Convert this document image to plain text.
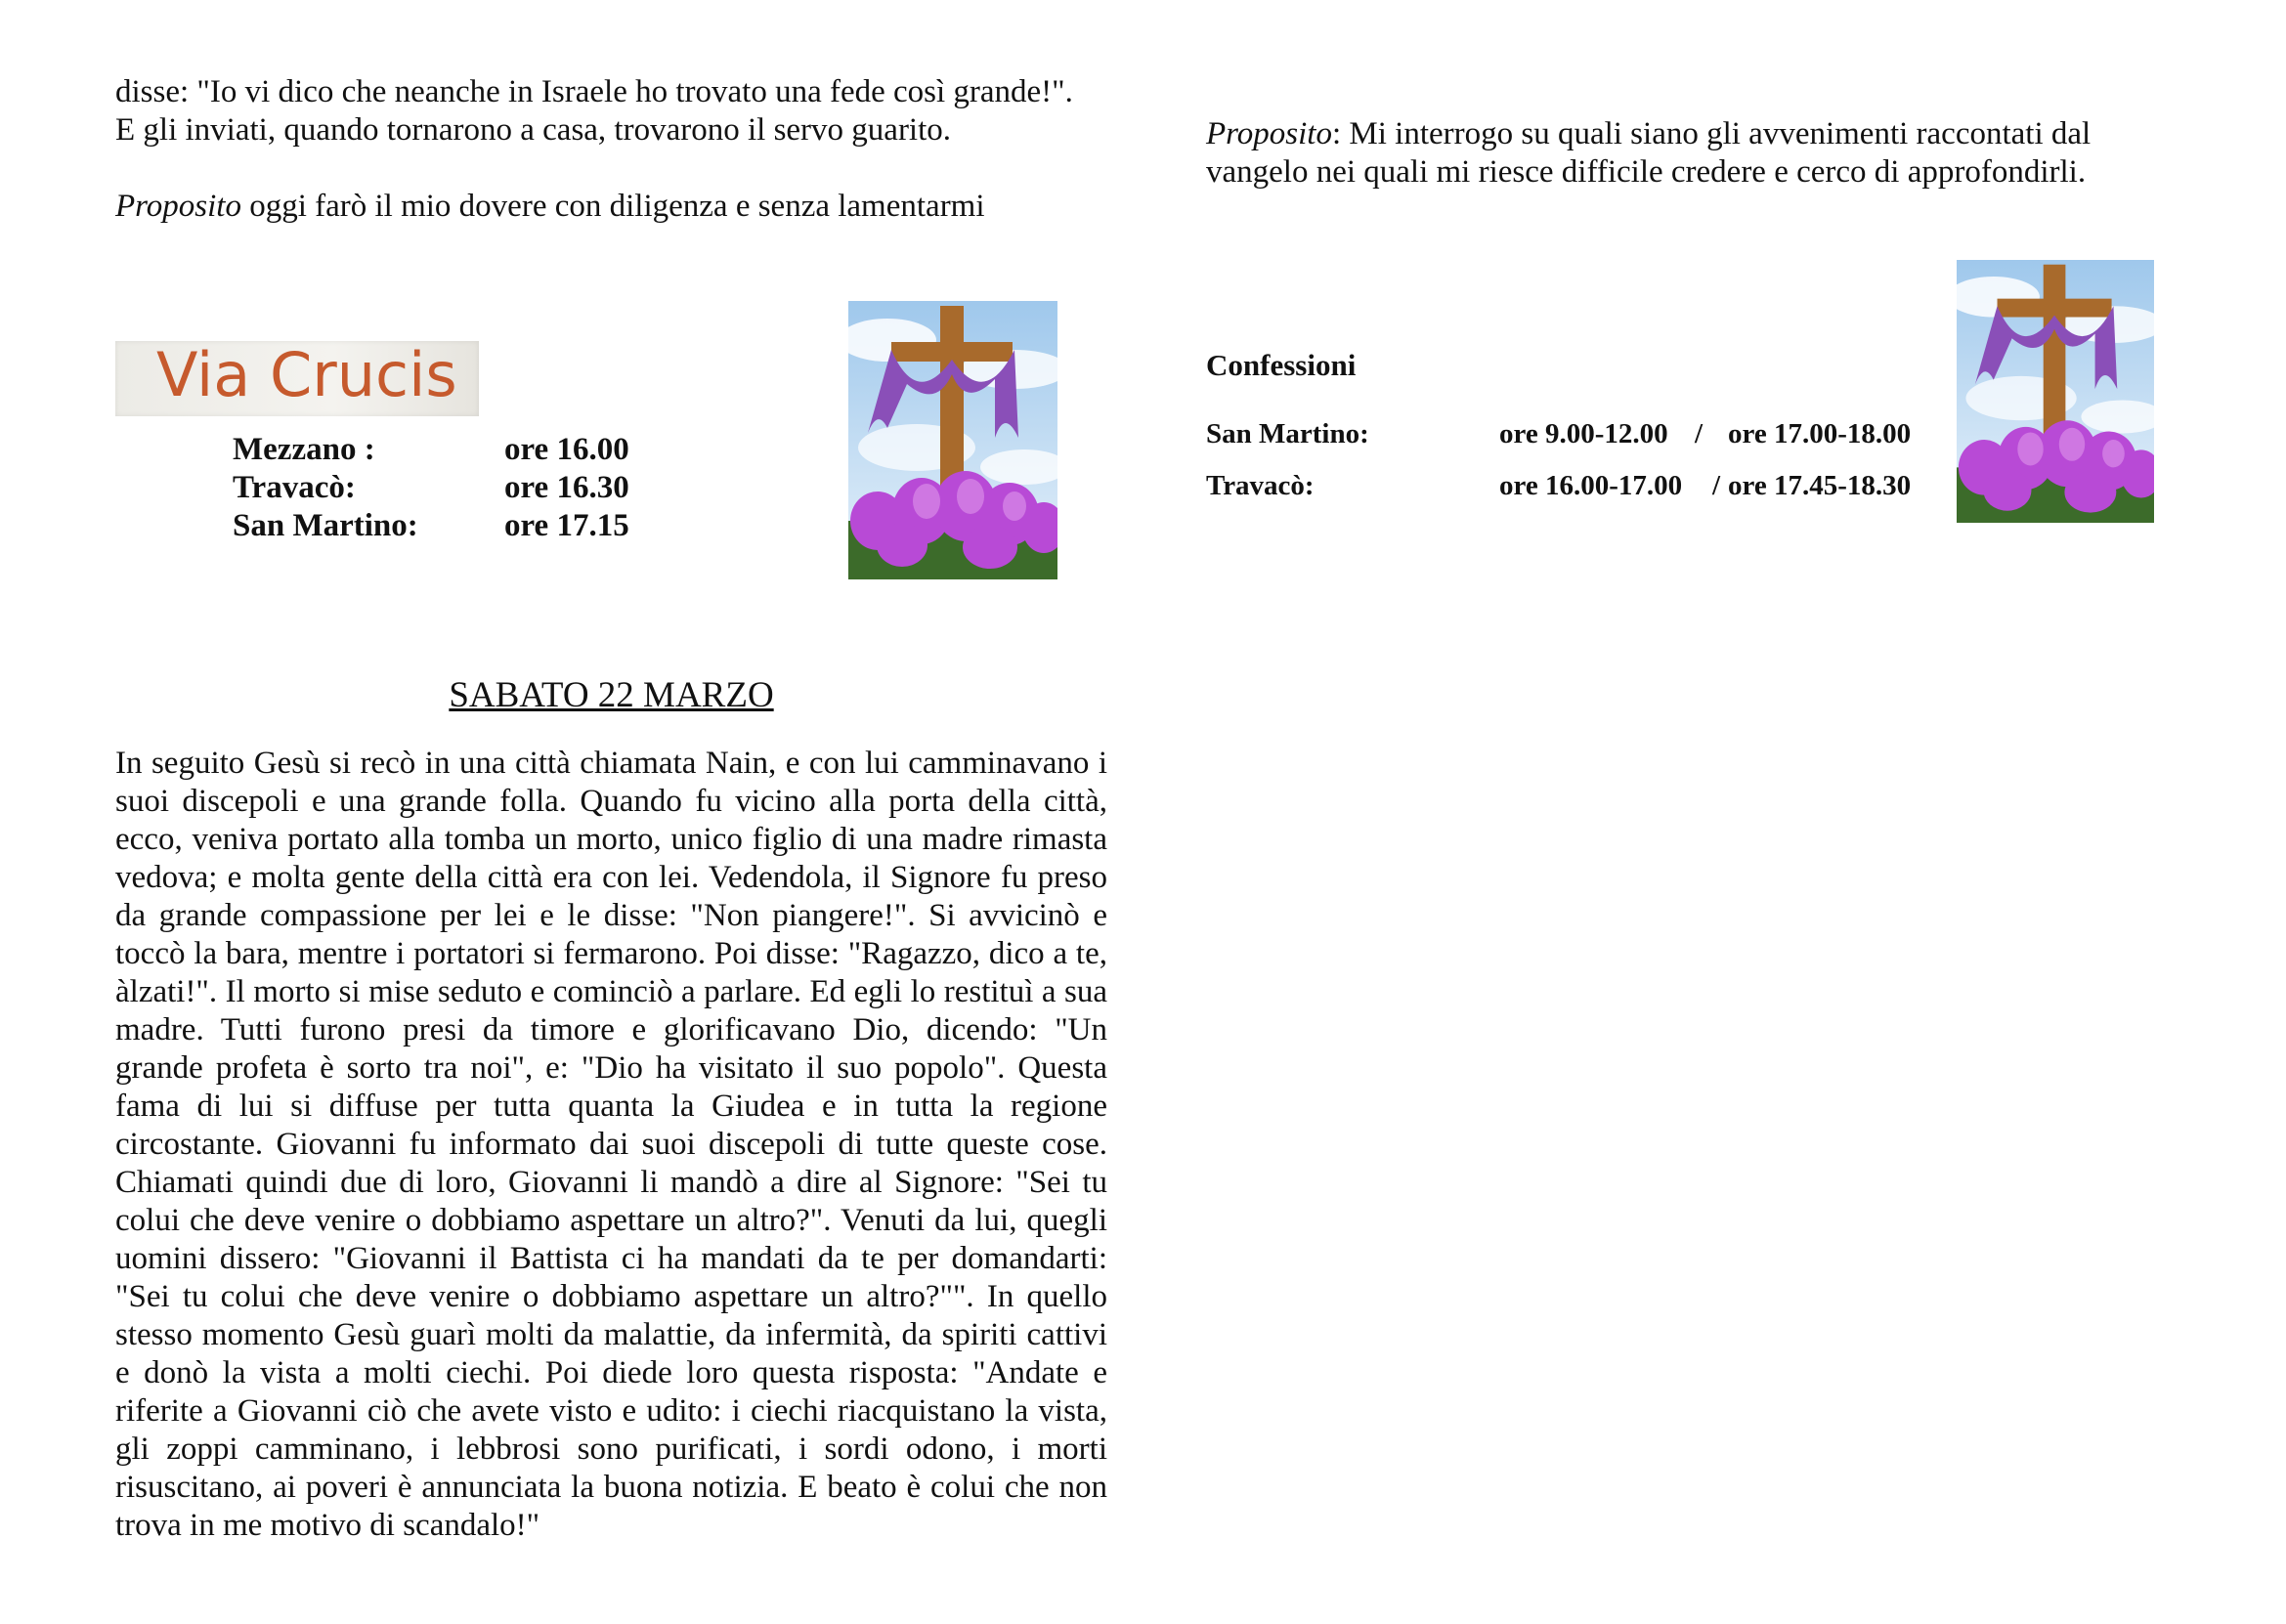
disse: "Io vi dico che neanche in Israele ho trovato una fede così grande!".

E gli inviati, quando tornarono a casa, trovarono il servo guarito.

Proposito oggi farò il mio dovere con diligenza e senza lamentarmi

Via Crucis
Mezzano :	ore 16.00
Travacò:	ore 16.30
San Martino:	ore 17.15
SABATO 22 MARZO

In seguito Gesù si recò in una città chiamata Nain, e con lui camminavano i suoi discepoli e una grande folla. Quando fu vicino alla porta della città, ecco, veniva portato alla tomba un morto, unico figlio di una madre rimasta vedova; e molta gente della città era con lei. Vedendola, il Signore fu preso da grande compassione per lei e le disse: "Non piangere!". Si avvicinò e toccò la bara, mentre i portatori si fermarono. Poi disse: "Ragazzo, dico a te, àlzati!". Il morto si mise seduto e cominciò a parlare. Ed egli lo restituì a sua madre. Tutti furono presi da timore e glorificavano Dio, dicendo: "Un grande profeta è sorto tra noi", e: "Dio ha visitato il suo popolo". Questa fama di lui si diffuse per tutta quanta la Giudea e in tutta la regione circostante. Giovanni fu informato dai suoi discepoli di tutte queste cose. Chiamati quindi due di loro, Giovanni li mandò a dire al Signore: "Sei tu colui che deve venire o dobbiamo aspettare un altro?". Venuti da lui, quegli uomini dissero: "Giovanni il Battista ci ha mandati da te per domandarti: "Sei tu colui che deve venire o dobbiamo aspettare un altro?"". In quello stesso momento Gesù guarì molti da malattie, da infermità, da spiriti cattivi e donò la vista a molti ciechi. Poi diede loro questa risposta: "Andate e riferite a Giovanni ciò che avete visto e udito: i ciechi riacquistano la vista, gli zoppi camminano, i lebbrosi sono purificati, i sordi odono, i morti risuscitano, ai poveri è annunciata la buona notizia. E beato è colui che non trova in me motivo di scandalo!"

Proposito: Mi interrogo su quali siano gli avvenimenti raccontati dal vangelo nei quali mi riesce difficile credere e cerco di approfondirli.

Confessioni
San Martino:	ore 9.00-12.00 / ore 17.00-18.00
Travacò:	ore 16.00-17.00	/ ore 17.45-18.30
